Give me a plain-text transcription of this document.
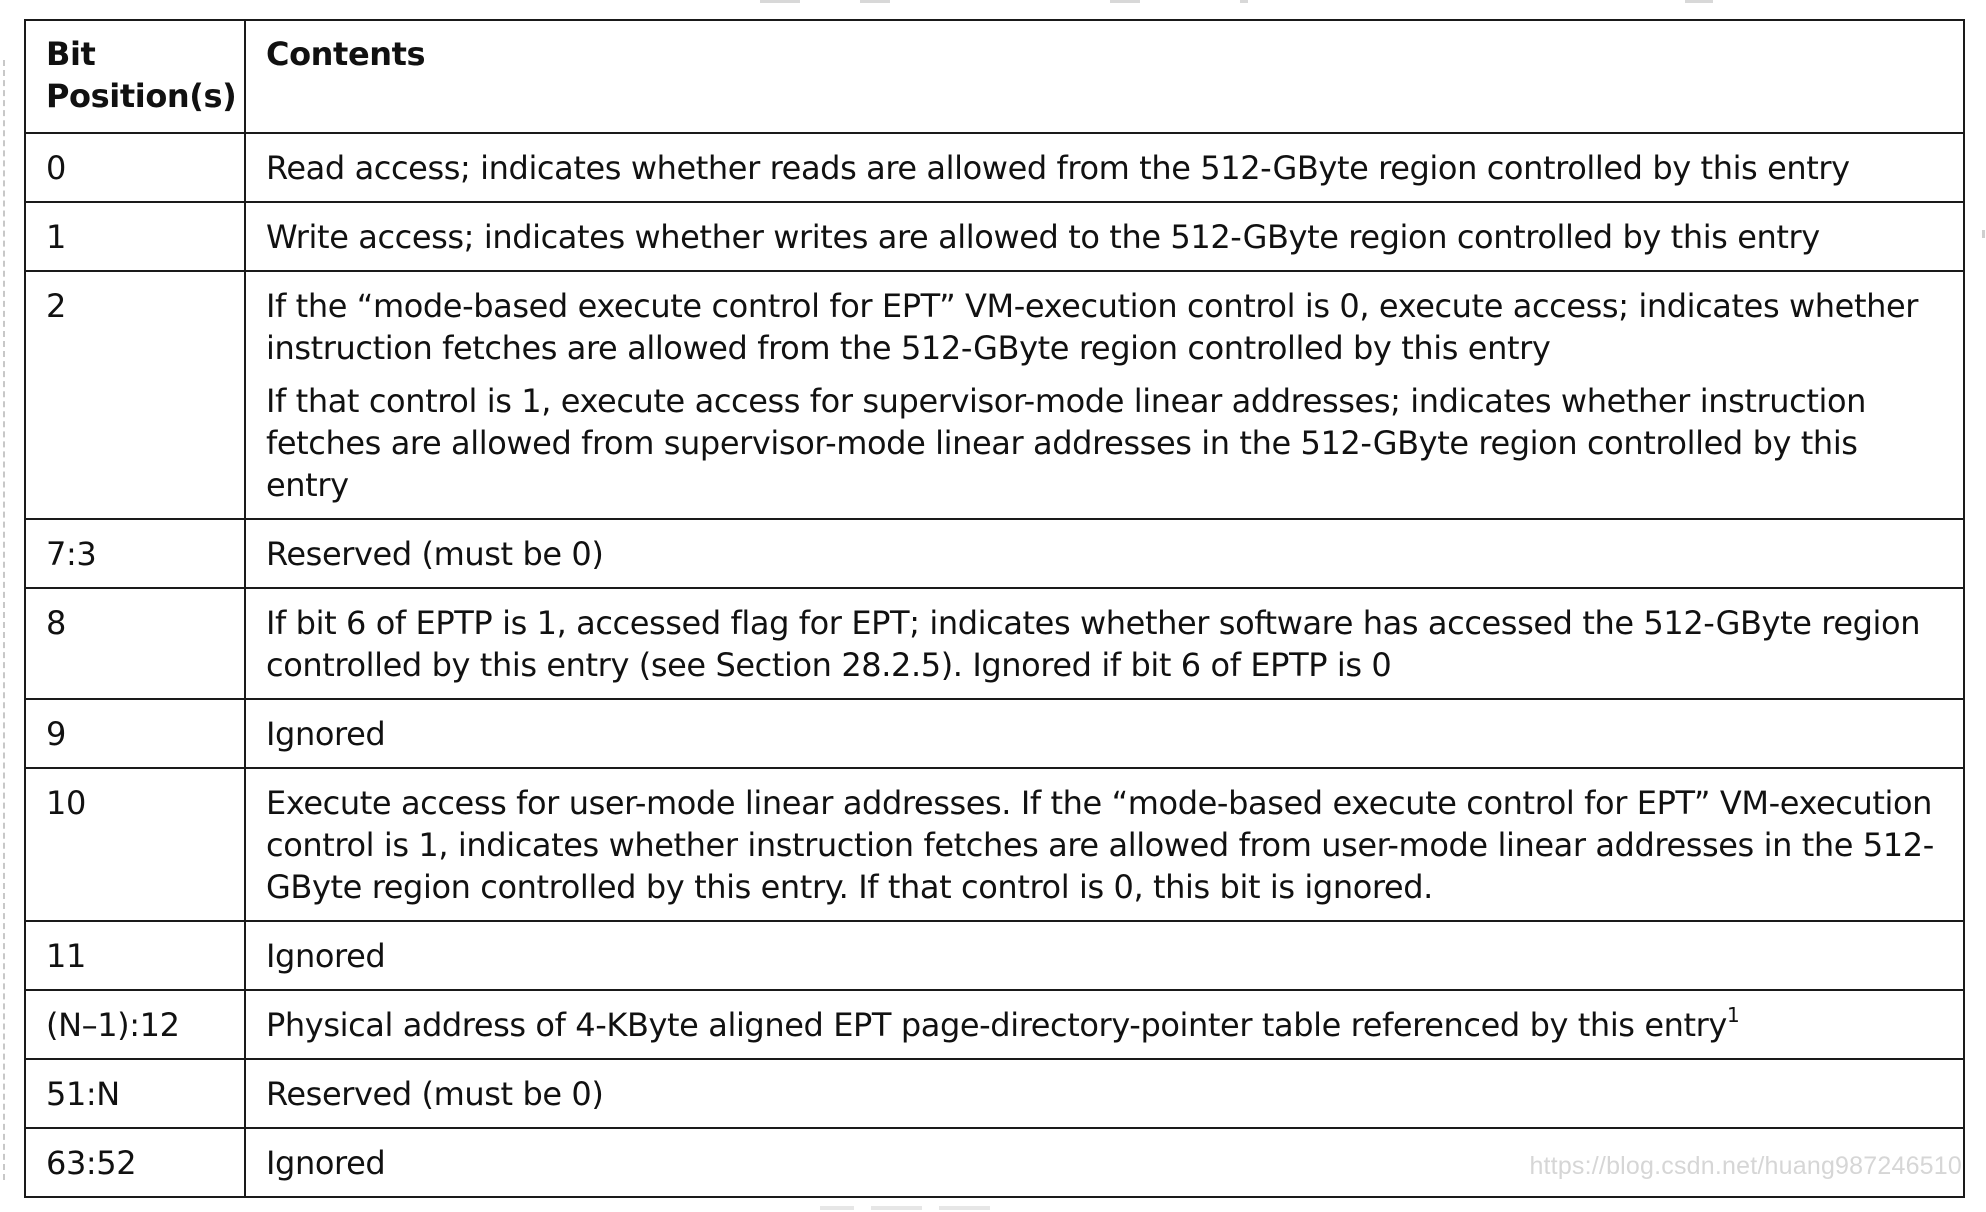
Bit
Position(s)	Contents
0	Read access; indicates whether reads are allowed from the 512-GByte region controlled by this entry

1	Write access; indicates whether writes are allowed to the 512-GByte region controlled by this entry

2	If the “mode-based execute control for EPT” VM-execution control is 0, execute access; indicates whether instruction fetches are allowed from the 512-GByte region controlled by this entry

If that control is 1, execute access for supervisor-mode linear addresses; indicates whether instruction fetches are allowed from supervisor-mode linear addresses in the 512-GByte region controlled by this entry

7:3	Reserved (must be 0)

8	If bit 6 of EPTP is 1, accessed flag for EPT; indicates whether software has accessed the 512-GByte region controlled by this entry (see Section 28.2.5). Ignored if bit 6 of EPTP is 0

9	Ignored

10	Execute access for user-mode linear addresses. If the “mode-based execute control for EPT” VM-execution control is 1, indicates whether instruction fetches are allowed from user-mode linear addresses in the 512-GByte region controlled by this entry. If that control is 0, this bit is ignored.

11	Ignored

(N–1):12	Physical address of 4-KByte aligned EPT page-directory-pointer table referenced by this entry$^1$

51:N	Reserved (must be 0)

63:52	Ignored	https://blog.csdn.net/huang987246510
